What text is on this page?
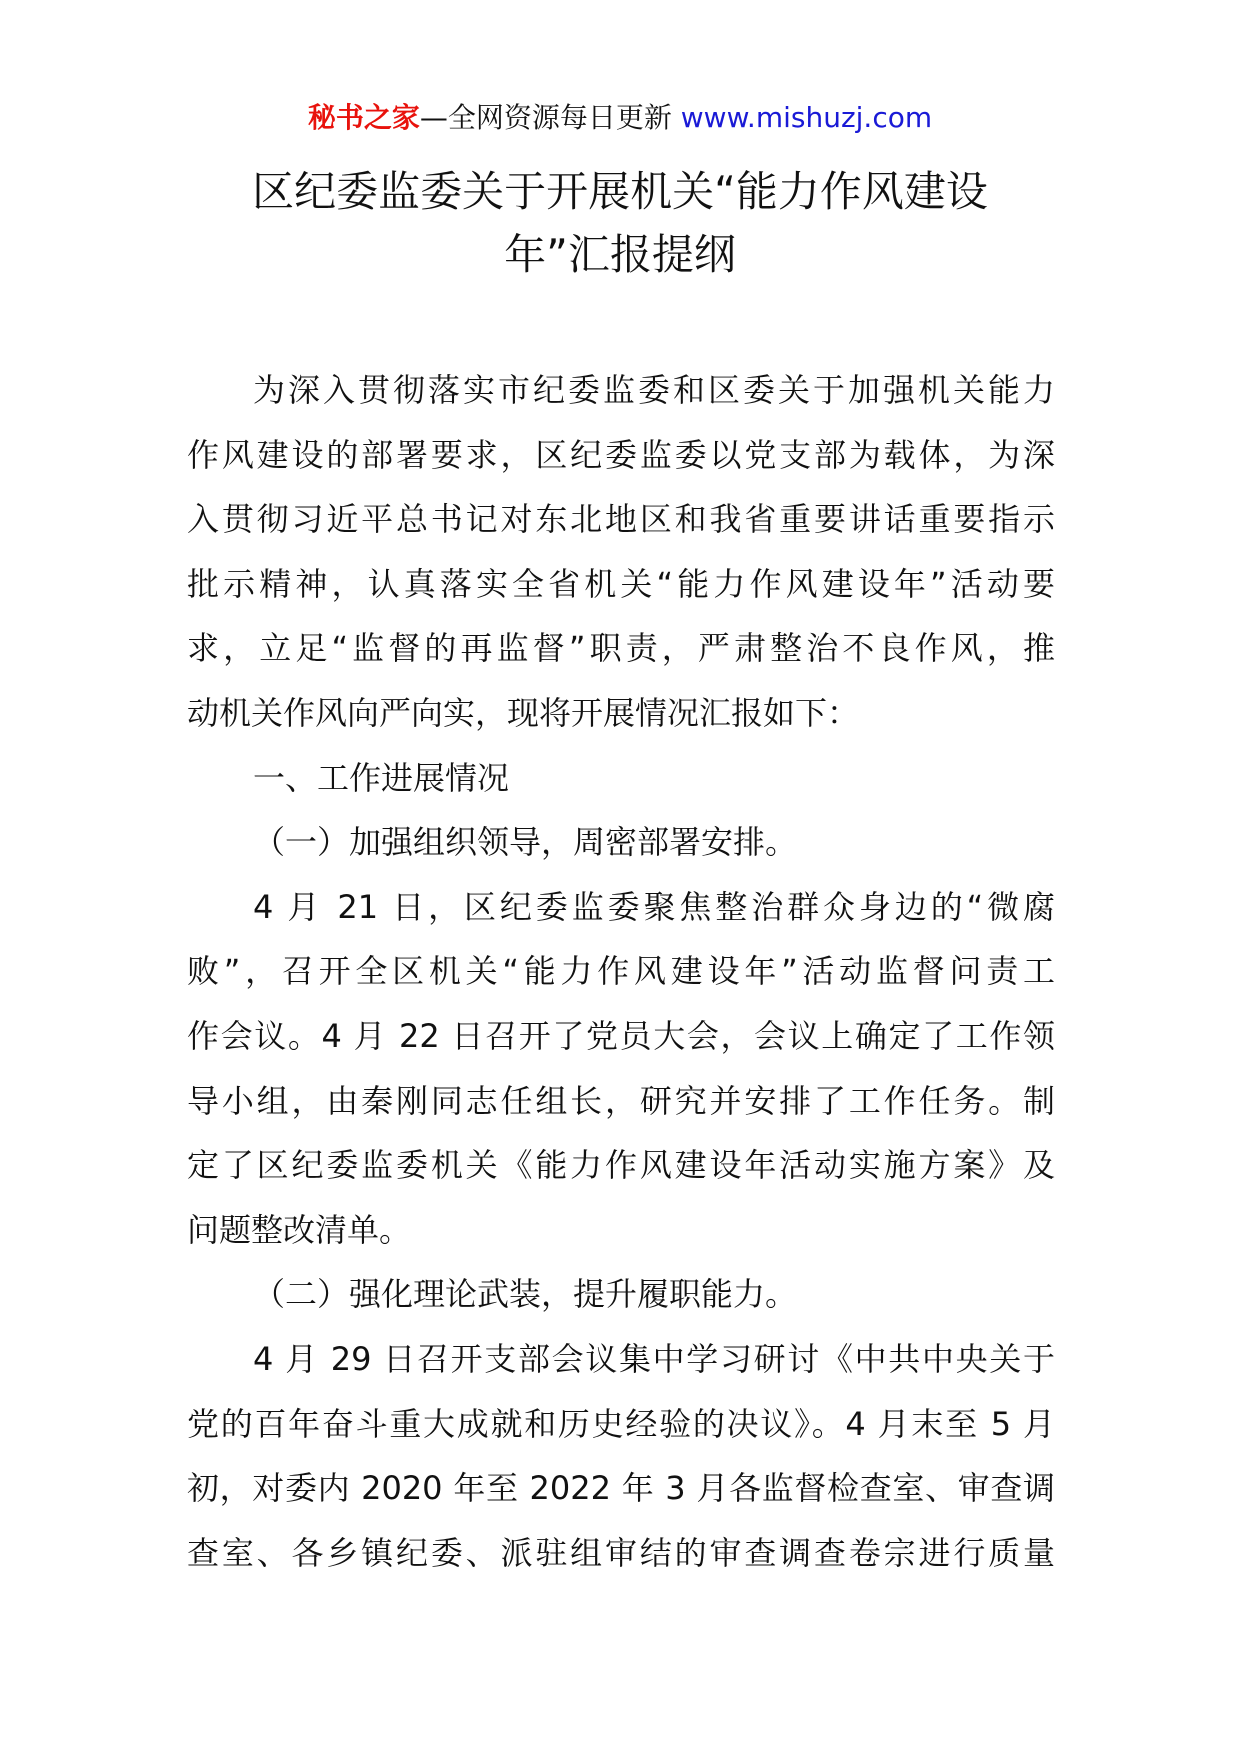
秘书之家—全网资源每日更新 www.mishuzj.com
区纪委监委关于开展机关“能力作风建设
年”汇报提纲
为深入贯彻落实市纪委监委和区委关于加强机关能力
作风建设的部署要求，区纪委监委以党支部为载体，为深
入贯彻习近平总书记对东北地区和我省重要讲话重要指示
批示精神，认真落实全省机关“能力作风建设年”活动要
求，立足“监督的再监督”职责，严肃整治不良作风，推
动机关作风向严向实，现将开展情况汇报如下：
一、工作进展情况
（一）加强组织领导，周密部署安排。
4 月 21 日，区纪委监委聚焦整治群众身边的“微腐
败”，召开全区机关“能力作风建设年”活动监督问责工
作会议。4 月 22 日召开了党员大会，会议上确定了工作领
导小组，由秦刚同志任组长，研究并安排了工作任务。制
定了区纪委监委机关《能力作风建设年活动实施方案》及
问题整改清单。
（二）强化理论武装，提升履职能力。
4 月 29 日召开支部会议集中学习研讨《中共中央关于
党的百年奋斗重大成就和历史经验的决议》。4 月末至 5 月
初，对委内 2020 年至 2022 年 3 月各监督检查室、审查调
查室、各乡镇纪委、派驻组审结的审查调查卷宗进行质量
